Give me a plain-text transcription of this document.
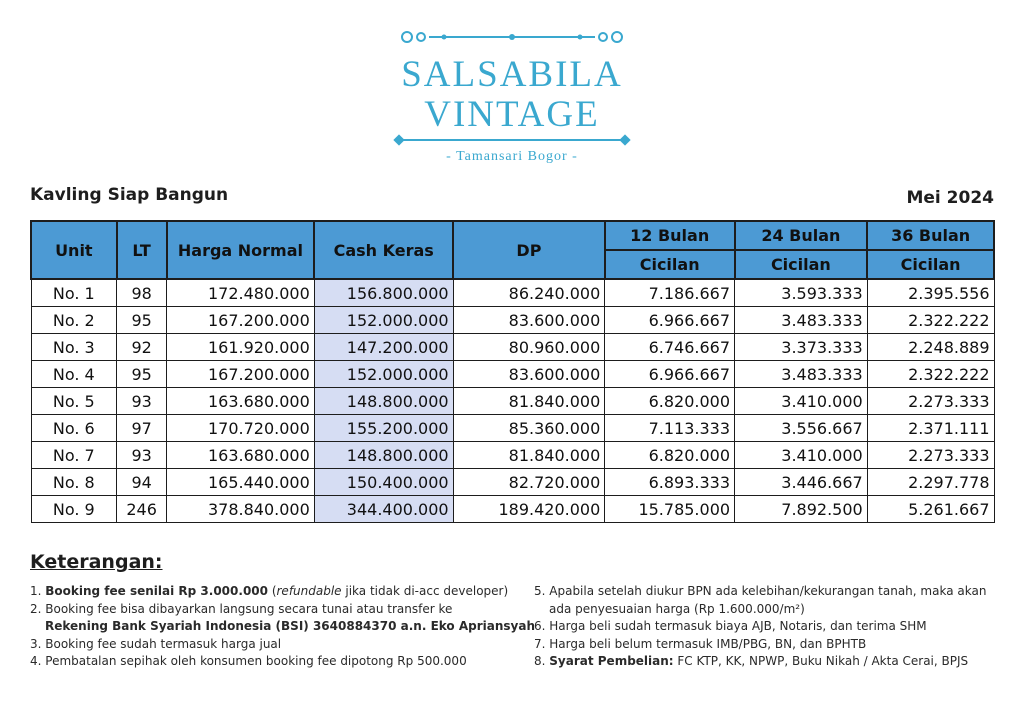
SALSABILA
VINTAGE
- Tamansari Bogor -
Kavling Siap Bangun	Mei 2024
Unit	LT	Harga Normal	Cash Keras	DP	12 Bulan	24 Bulan	36 Bulan
					Cicilan	Cicilan	Cicilan
No. 1	98	172.480.000	156.800.000	86.240.000	7.186.667	3.593.333	2.395.556
No. 2	95	167.200.000	152.000.000	83.600.000	6.966.667	3.483.333	2.322.222
No. 3	92	161.920.000	147.200.000	80.960.000	6.746.667	3.373.333	2.248.889
No. 4	95	167.200.000	152.000.000	83.600.000	6.966.667	3.483.333	2.322.222
No. 5	93	163.680.000	148.800.000	81.840.000	6.820.000	3.410.000	2.273.333
No. 6	97	170.720.000	155.200.000	85.360.000	7.113.333	3.556.667	2.371.111
No. 7	93	163.680.000	148.800.000	81.840.000	6.820.000	3.410.000	2.273.333
No. 8	94	165.440.000	150.400.000	82.720.000	6.893.333	3.446.667	2.297.778
No. 9	246	378.840.000	344.400.000	189.420.000	15.785.000	7.892.500	5.261.667
Keterangan:
1. Booking fee senilai Rp 3.000.000 (refundable jika tidak di-acc developer)
2. Booking fee bisa dibayarkan langsung secara tunai atau transfer ke
Rekening Bank Syariah Indonesia (BSI) 3640884370 a.n. Eko Apriansyah
3. Booking fee sudah termasuk harga jual
4. Pembatalan sepihak oleh konsumen booking fee dipotong Rp 500.000
5. Apabila setelah diukur BPN ada kelebihan/kekurangan tanah, maka akan
ada penyesuaian harga (Rp 1.600.000/m²)
6. Harga beli sudah termasuk biaya AJB, Notaris, dan terima SHM
7. Harga beli belum termasuk IMB/PBG, BN, dan BPHTB
8. Syarat Pembelian: FC KTP, KK, NPWP, Buku Nikah / Akta Cerai, BPJS
